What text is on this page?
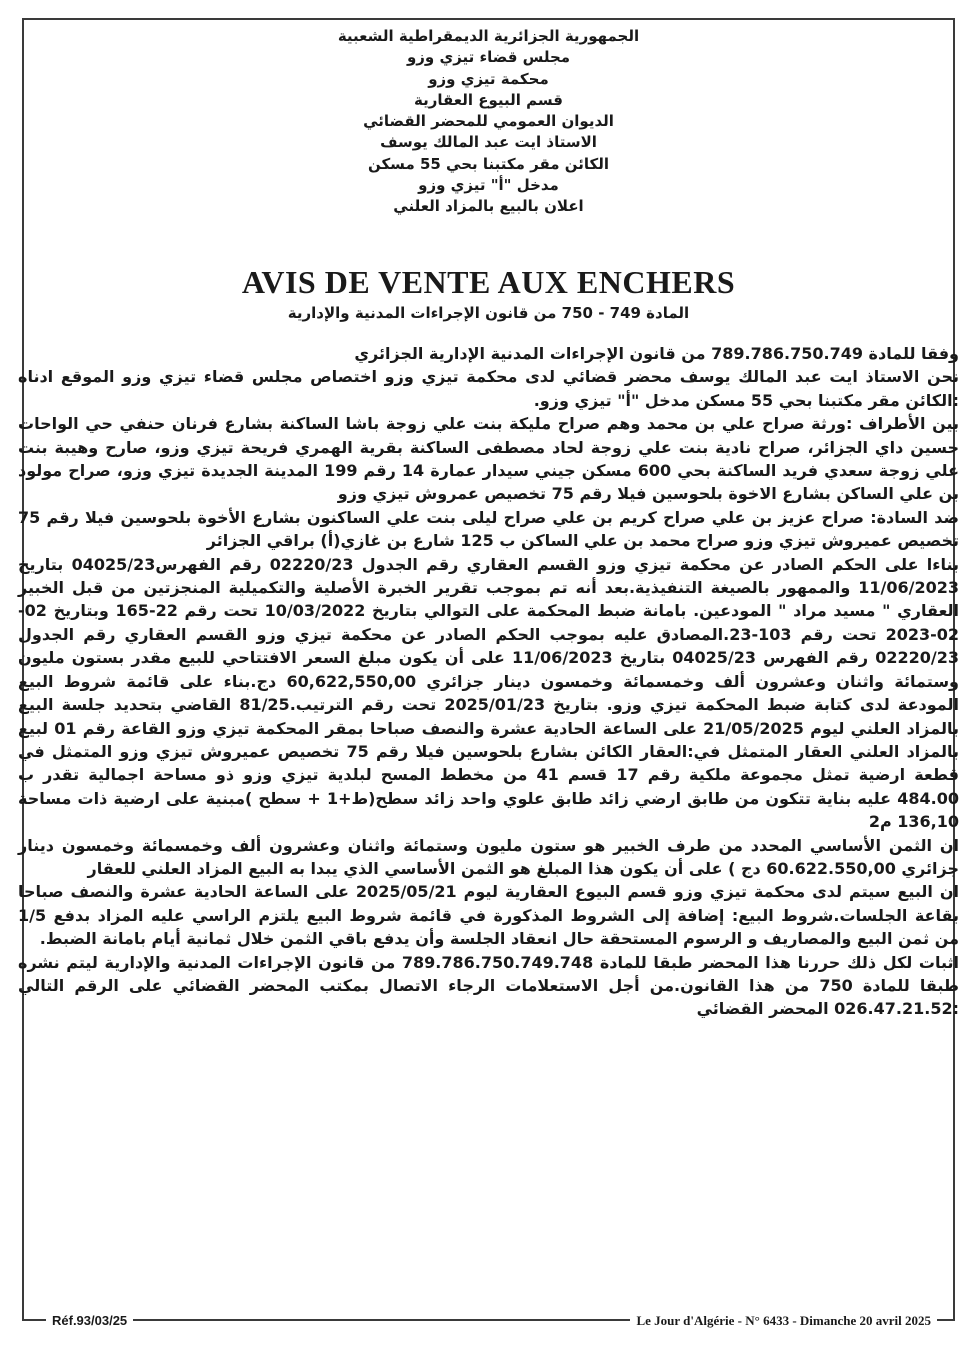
الجمهورية الجزائرية الديمقراطية الشعبية
مجلس قضاء تيزي وزو
محكمة تيزي وزو
قسم البيوع العقارية
الديوان العمومي للمحضر القضائي
الاستاذ ايت عبد المالك يوسف
الكائن مقر مكتبنا بحي 55 مسكن
مدخل "أ" تيزي وزو
اعلان بالبيع بالمزاد العلني
AVIS DE VENTE AUX ENCHERS
المادة 749 - 750 من قانون الإجراءات المدنية والإدارية

وفقا للمادة 789.786.750.749 من قانون الإجراءات المدنية الإدارية الجزائري

نحن الاستاذ ايت عبد المالك يوسف محضر قضائي لدى محكمة تيزي وزو اختصاص مجلس قضاء تيزي وزو الموقع ادناه :الكائن مقر مكتبنا بحي 55 مسكن مدخل "أ" تيزي وزو.

بين الأطراف :ورثة صراح علي بن محمد وهم صراح مليكة بنت علي زوجة باشا الساكنة بشارع فرنان حنفي حي الواحات حسين داي الجزائر، صراح نادية بنت علي زوجة لحاد مصطفى الساكنة بقرية الهمري فريحة تيزي وزو، صارح وهيبة بنت علي زوجة سعدي فريد الساكنة بحي 600 مسكن جيني سيدار عمارة 14 رقم 199 المدينة الجديدة تيزي وزو، صراح مولود بن علي الساكن بشارع الاخوة بلحوسين فيلا رقم 75 تخصيص عمروش تيزي وزو

ضد السادة: صراح عزيز بن علي صراح كريم بن علي صراح ليلى بنت علي الساكنون بشارع الأخوة بلحوسين فيلا رقم 75 تخصيص عميروش تيزي وزو صراح محمد بن علي الساكن ب 125 شارع بن غازي(أ) براقي الجزائر

بناءا على الحكم الصادر عن محكمة تيزي وزو القسم العقاري رقم الجدول 02220/23 رقم الفهرس04025/23 بتاريخ 11/06/2023 والممهور بالصيغة التنفيذية.بعد أنه تم بموجب تقرير الخبرة الأصلية والتكميلية المنجزتين من قبل الخبير العقاري " مسيد مراد " المودعين. بامانة ضبط المحكمة على التوالي بتاريخ 10/03/2022 تحت رقم 22-165 وبتاريخ 02-02-2023 تحت رقم 103-23.المصادق عليه بموجب الحكم الصادر عن محكمة تيزي وزو القسم العقاري رقم الجدول 02220/23 رقم الفهرس 04025/23 بتاريخ 11/06/2023 على أن يكون مبلغ السعر الافتتاحي للبيع مقدر بستون مليون وستمائة واثنان وعشرون ألف وخمسمائة وخمسون دينار جزائري 60,622,550,00 دج.بناء على قائمة شروط البيع المودعة لدى كتابة ضبط المحكمة تيزي وزو. بتاريخ 2025/01/23 تحت رقم الترتيب.81/25 القاضي بتحديد جلسة البيع بالمزاد العلني ليوم 21/05/2025 على الساعة الحادية عشرة والنصف صباحا بمقر المحكمة تيزي وزو القاعة رقم 01 لبيع بالمزاد العلني العقار المتمثل في:العقار الكائن بشارع بلحوسين فيلا رقم 75 تخصيص عميروش تيزي وزو المتمثل في قطعة ارضية تمثل مجموعة ملكية رقم 17 قسم 41 من مخطط المسح لبلدية تيزي وزو ذو مساحة اجمالية تقدر ب 484.00 عليه بناية تتكون من طابق ارضي زائد طابق علوي واحد زائد سطح(ط+1 + سطح )مبنية على ارضية ذات مساحة 136,10 م2

ان الثمن الأساسي المحدد من طرف الخبير هو ستون مليون وستمائة واثنان وعشرون ألف وخمسمائة وخمسون دينار جزائري 60.622.550,00 دج ) على أن يكون هذا المبلغ هو الثمن الأساسي الذي يبدا به البيع المزاد العلني للعقار

ان البيع سيتم لدى محكمة تيزي وزو قسم البيوع العقارية ليوم 2025/05/21 على الساعة الحادية عشرة والنصف صباحا بقاعة الجلسات.شروط البيع: إضافة إلى الشروط المذكورة في قائمة شروط البيع يلتزم الراسي عليه المزاد بدفع 1/5 من ثمن البيع والمصاريف و الرسوم المستحقة حال انعقاد الجلسة وأن يدفع باقي الثمن خلال ثمانية أيام بامانة الضبط.

اثبات لكل ذلك حررنا هذا المحضر طبقا للمادة 789.786.750.749.748 من قانون الإجراءات المدنية والإدارية ليتم نشره طبقا للمادة 750 من هذا القانون.من أجل الاستعلامات الرجاء الاتصال بمكتب المحضر القضائي على الرقم التالي :026.47.21.52 المحضر القضائي

Réf.93/03/25	Le Jour d'Algérie - N° 6433 - Dimanche 20 avril 2025
